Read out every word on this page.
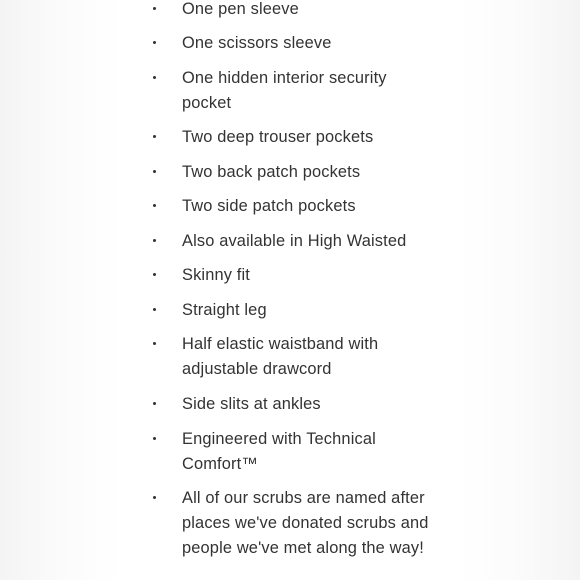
One pen sleeve
One scissors sleeve
One hidden interior security pocket
Two deep trouser pockets
Two back patch pockets
Two side patch pockets
Also available in High Waisted
Skinny fit
Straight leg
Half elastic waistband with adjustable drawcord
Side slits at ankles
Engineered with Technical Comfort™
All of our scrubs are named after places we've donated scrubs and people we've met along the way!
